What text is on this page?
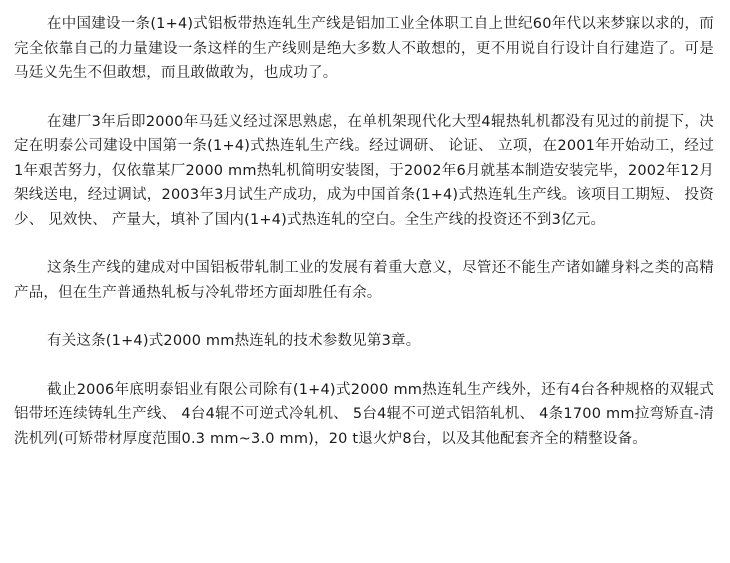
在中国建设一条(1+4)式铝板带热连轧生产线是铝加工业全体职工自上世纪60年代以来梦寐以求的，而完全依靠自己的力量建设一条这样的生产线则是绝大多数人不敢想的，更不用说自行设计自行建造了。可是马廷义先生不但敢想，而且敢做敢为，也成功了。

在建厂3年后即2000年马廷义经过深思熟虑，在单机架现代化大型4辊热轧机都没有见过的前提下，决定在明泰公司建设中国第一条(1+4)式热连轧生产线。经过调研、 论证、 立项，在2001年开始动工，经过1年艰苦努力，仅依靠某厂2000 mm热轧机简明安装图，于2002年6月就基本制造安装完毕，2002年12月架线送电，经过调试，2003年3月试生产成功，成为中国首条(1+4)式热连轧生产线。该项目工期短、 投资少、 见效快、 产量大，填补了国内(1+4)式热连轧的空白。全生产线的投资还不到3亿元。

这条生产线的建成对中国铝板带轧制工业的发展有着重大意义，尽管还不能生产诸如罐身料之类的高精产品，但在生产普通热轧板与冷轧带坯方面却胜任有余。

有关这条(1+4)式2000 mm热连轧的技术参数见第3章。

截止2006年底明泰铝业有限公司除有(1+4)式2000 mm热连轧生产线外，还有4台各种规格的双辊式铝带坯连续铸轧生产线、 4台4辊不可逆式冷轧机、 5台4辊不可逆式铝箔轧机、 4条1700 mm拉弯矫直-清洗机列(可矫带材厚度范围0.3 mm~3.0 mm)，20 t退火炉8台，以及其他配套齐全的精整设备。
